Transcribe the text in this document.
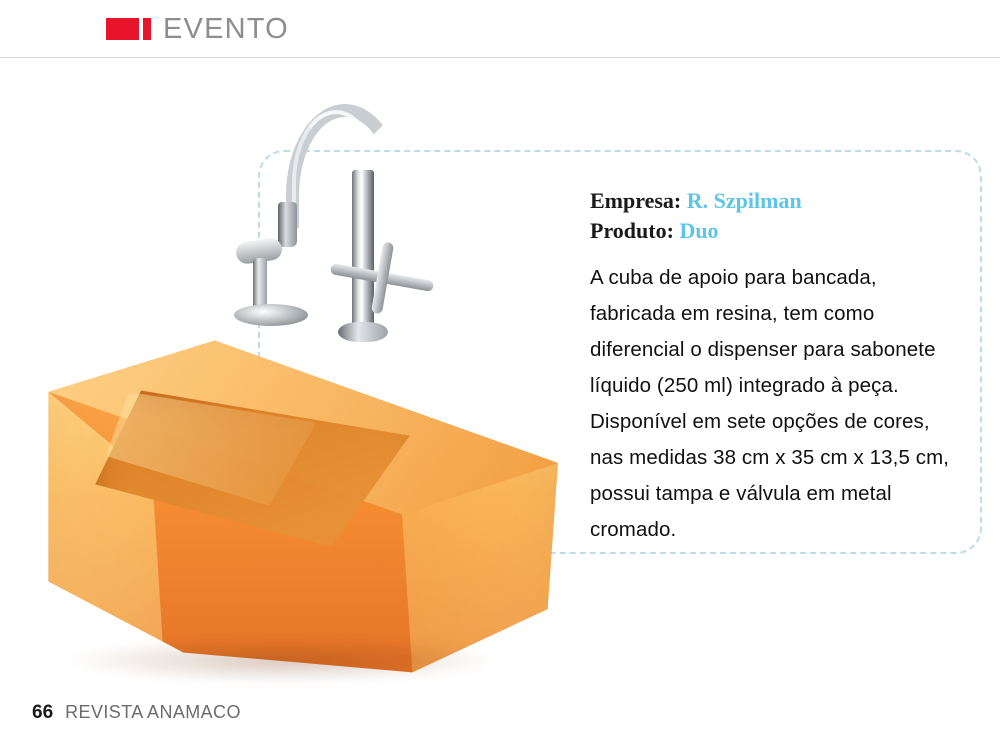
EVENTO
Empresa: R. Szpilman
Produto: Duo
A cuba de apoio para bancada, fabricada em resina, tem como diferencial o dispenser para sabonete líquido (250 ml) integrado à peça. Disponível em sete opções de cores, nas medidas 38 cm x 35 cm x 13,5 cm, possui tampa e válvula em metal cromado.
66 REVISTA ANAMACO
